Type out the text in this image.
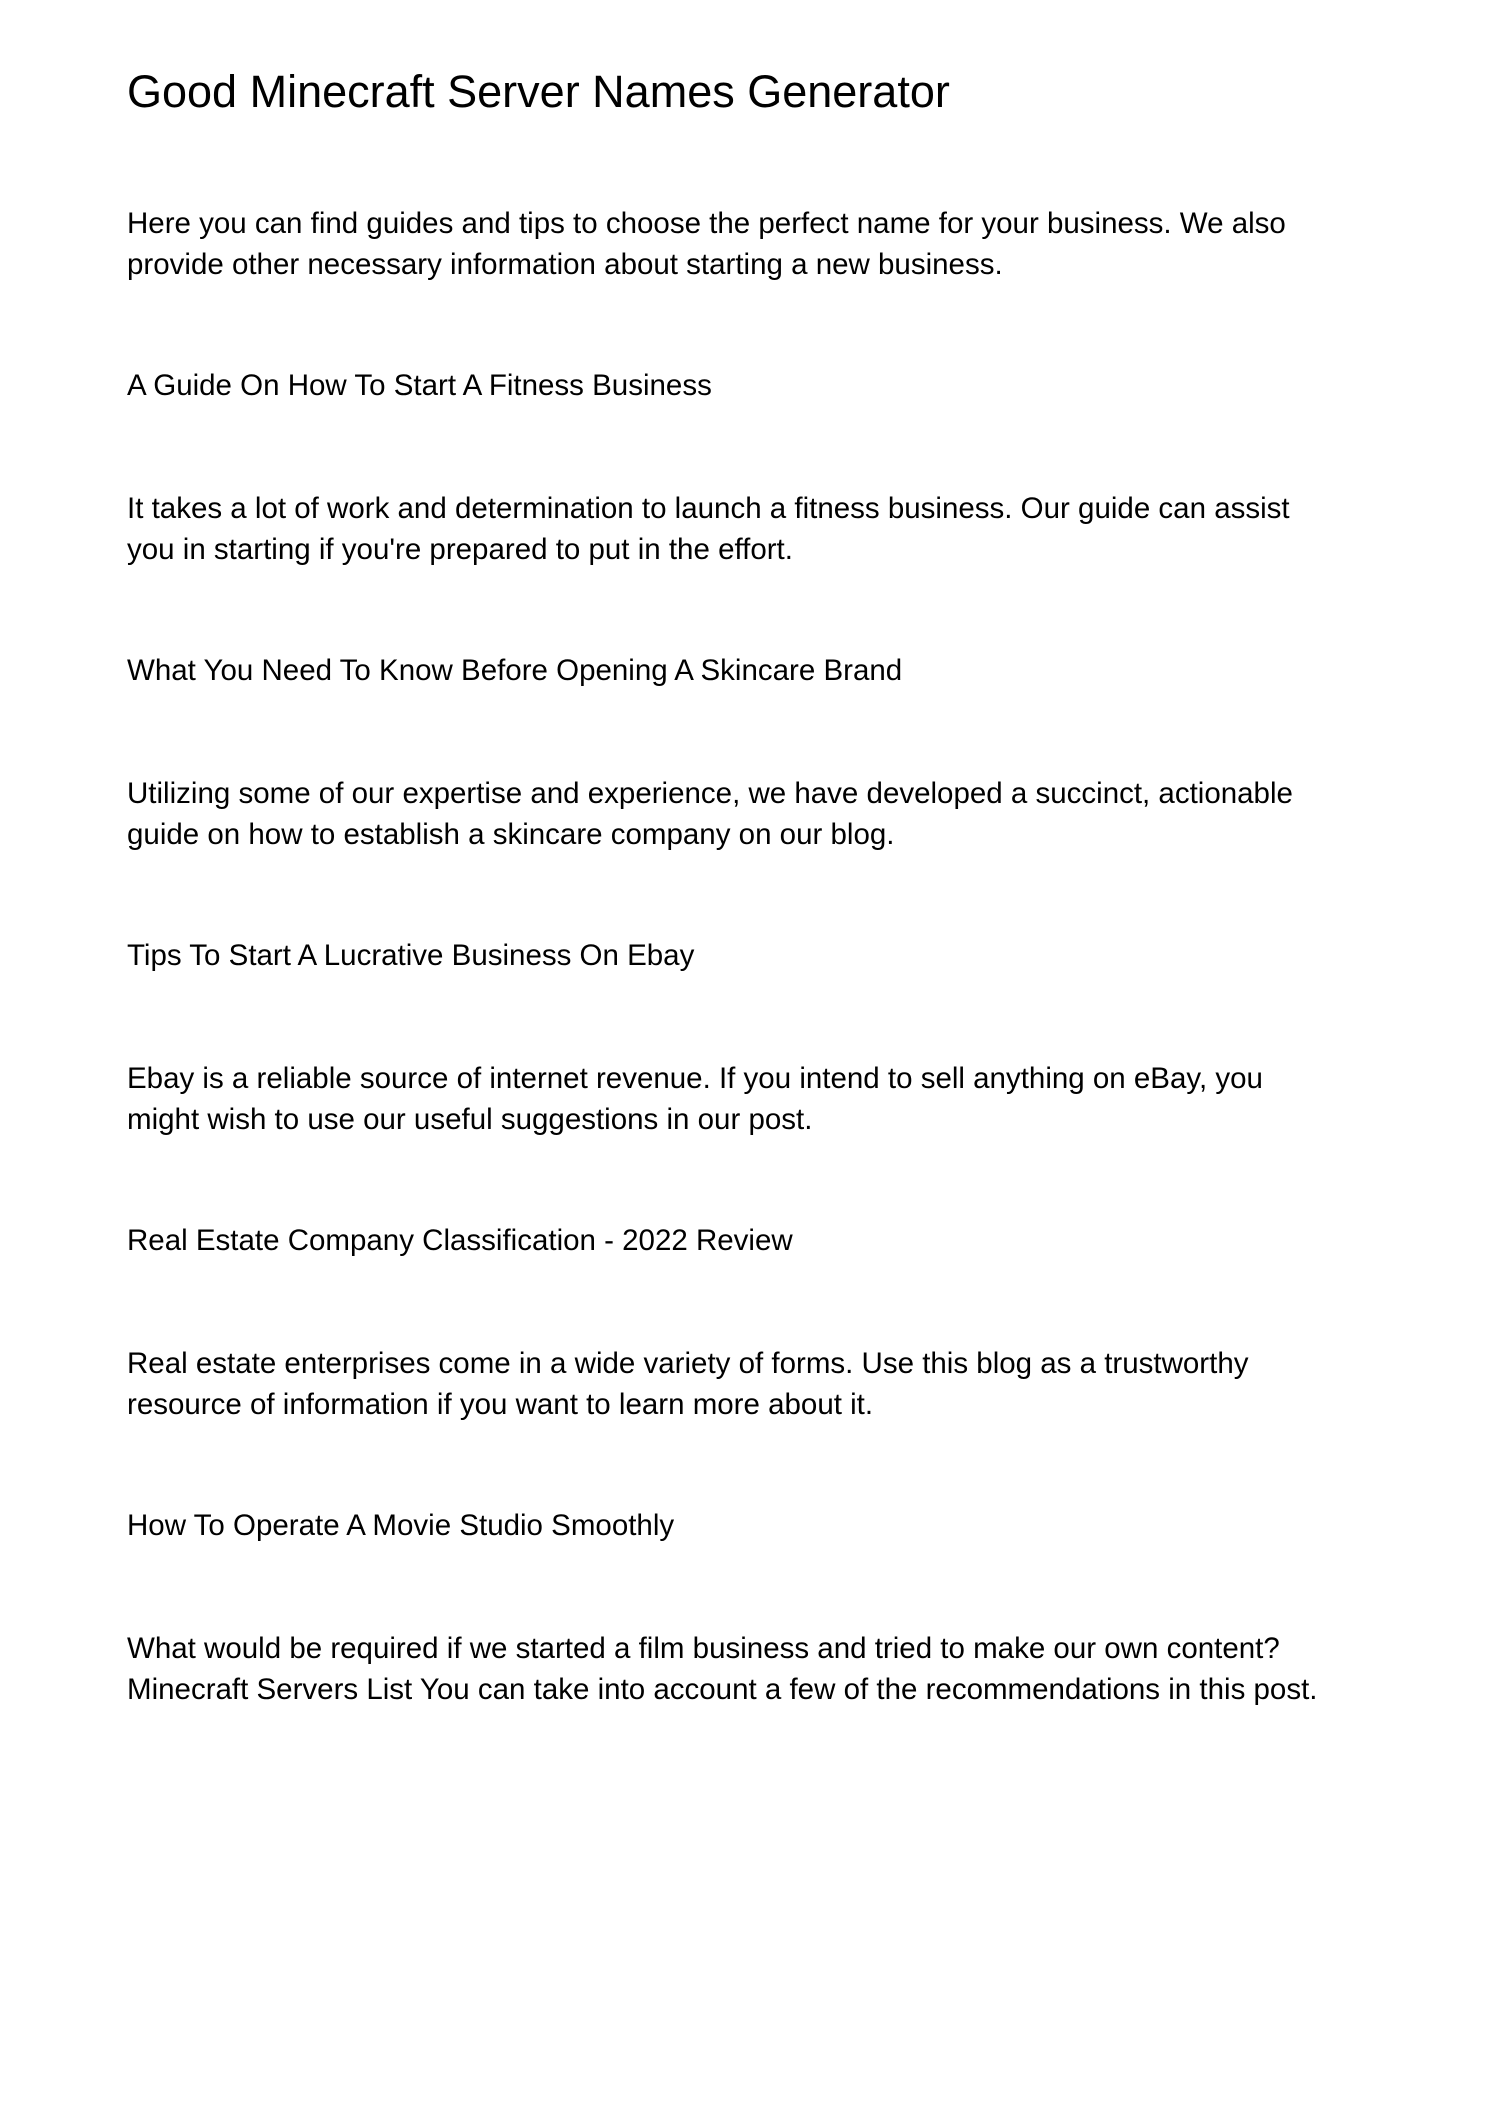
Good Minecraft Server Names Generator

Here you can find guides and tips to choose the perfect name for your business. We also
provide other necessary information about starting a new business.

A Guide On How To Start A Fitness Business

It takes a lot of work and determination to launch a fitness business. Our guide can assist
you in starting if you're prepared to put in the effort.

What You Need To Know Before Opening A Skincare Brand

Utilizing some of our expertise and experience, we have developed a succinct, actionable
guide on how to establish a skincare company on our blog.

Tips To Start A Lucrative Business On Ebay

Ebay is a reliable source of internet revenue. If you intend to sell anything on eBay, you
might wish to use our useful suggestions in our post.

Real Estate Company Classification - 2022 Review

Real estate enterprises come in a wide variety of forms. Use this blog as a trustworthy
resource of information if you want to learn more about it.

How To Operate A Movie Studio Smoothly

What would be required if we started a film business and tried to make our own content?
Minecraft Servers List You can take into account a few of the recommendations in this post.
